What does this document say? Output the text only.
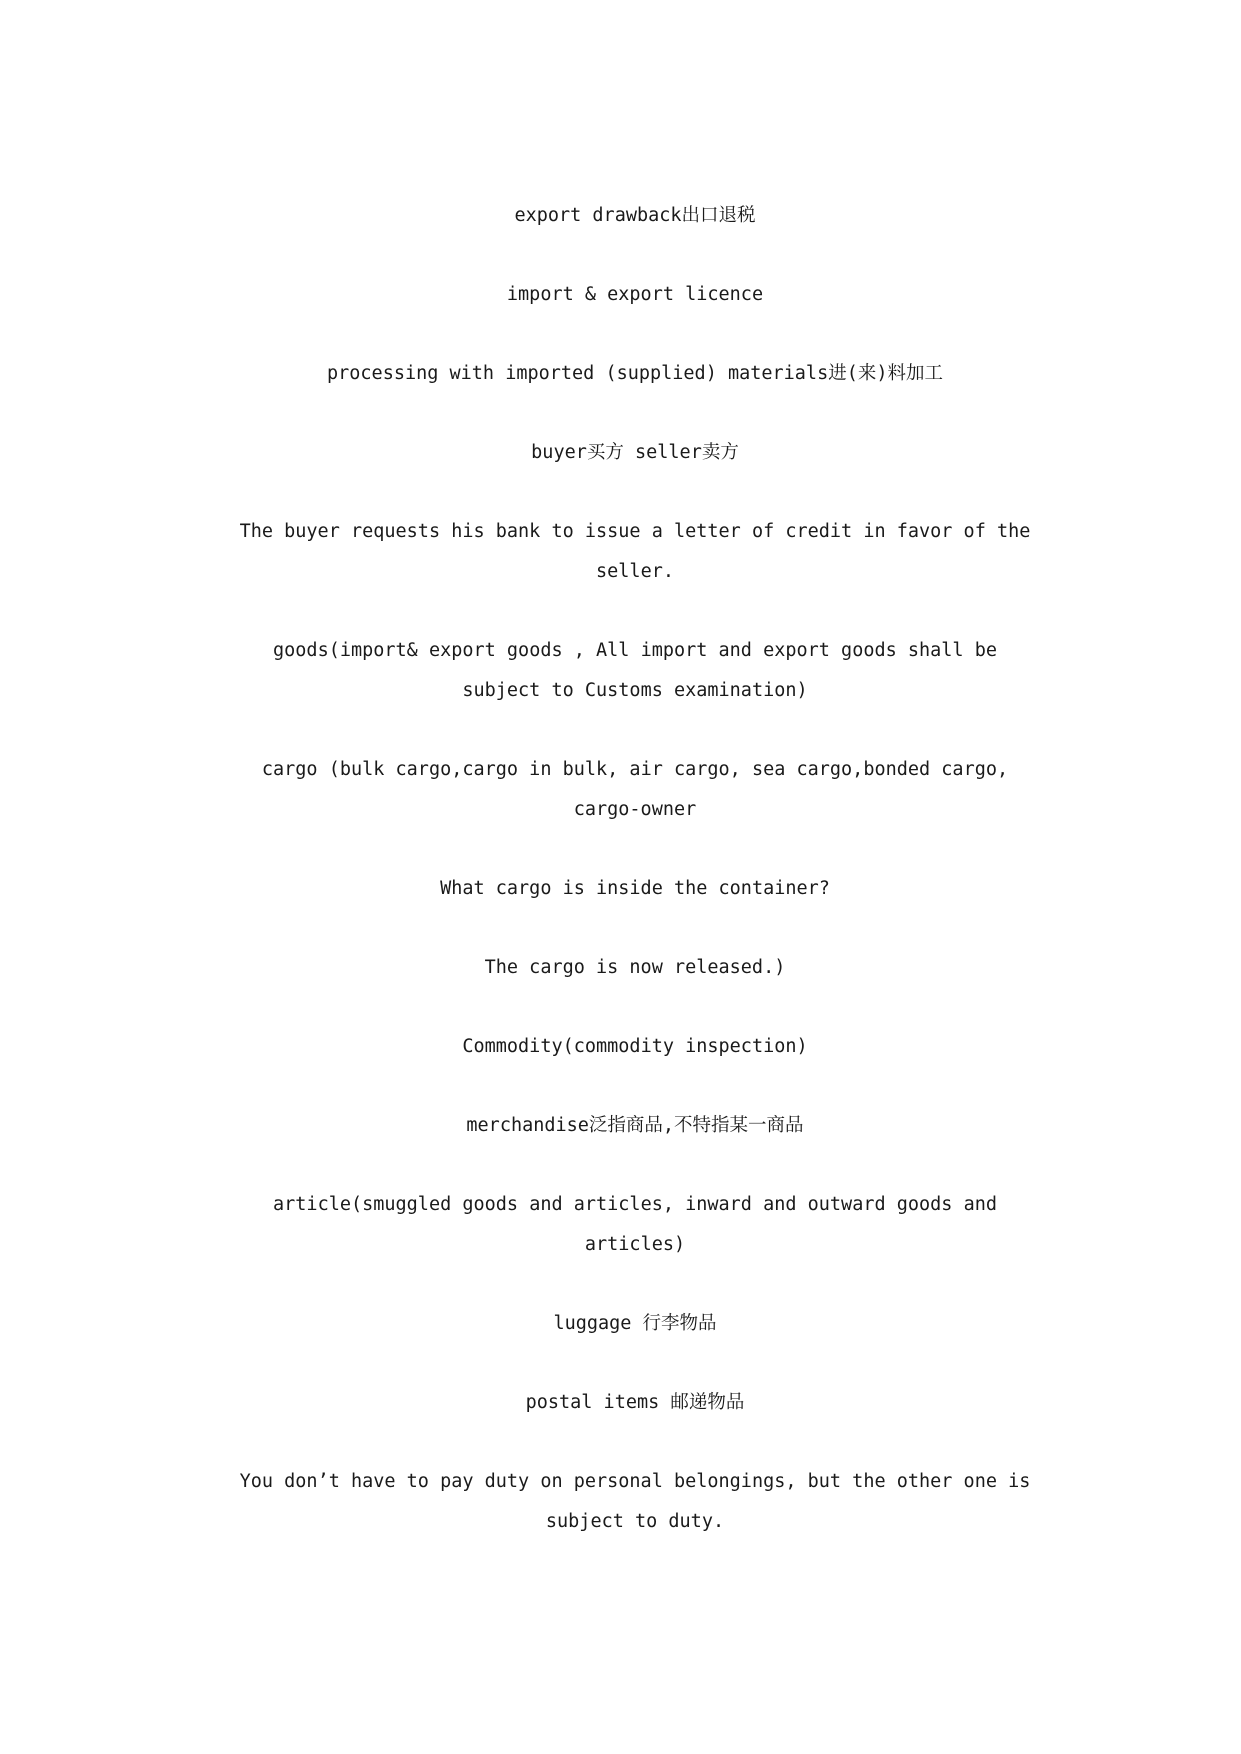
export drawback出口退税

import & export licence

processing with imported (supplied) materials进(来)料加工

buyer买方 seller卖方

The buyer requests his bank to issue a letter of credit in favor of the seller.

goods(import& export goods , All import and export goods shall be subject to Customs examination)

cargo (bulk cargo,cargo in bulk, air cargo, sea cargo,bonded cargo, cargo-owner

What cargo is inside the container?

The cargo is now released.)

Commodity(commodity inspection)

merchandise泛指商品,不特指某一商品

article(smuggled goods and articles, inward and outward goods and articles)

luggage 行李物品

postal items 邮递物品

You don’t have to pay duty on personal belongings, but the other one is subject to duty.
